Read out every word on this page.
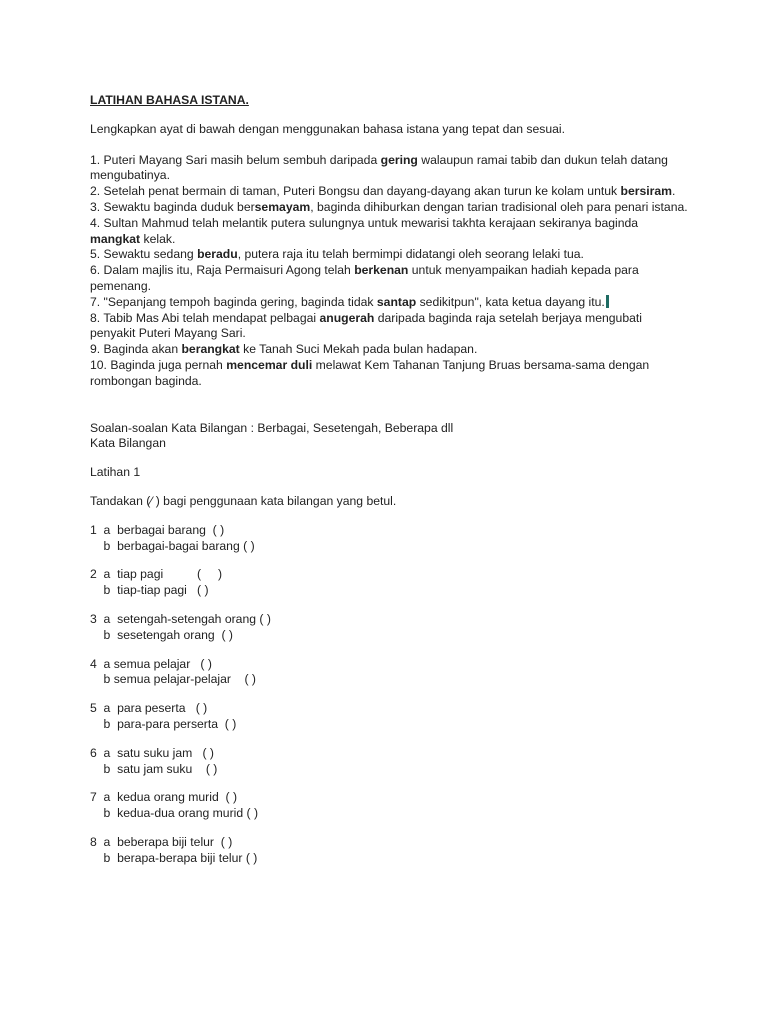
LATIHAN BAHASA ISTANA.

Lengkapkan ayat di bawah dengan menggunakan bahasa istana yang tepat dan sesuai.

1. Puteri Mayang Sari masih belum sembuh daripada gering walaupun ramai tabib dan dukun telah datang mengubatinya.
2. Setelah penat bermain di taman, Puteri Bongsu dan dayang-dayang akan turun ke kolam untuk bersiram.
3. Sewaktu baginda duduk bersemayam, baginda dihiburkan dengan tarian tradisional oleh para penari istana.
4. Sultan Mahmud telah melantik putera sulungnya untuk mewarisi takhta kerajaan sekiranya baginda mangkat kelak.
5. Sewaktu sedang beradu, putera raja itu telah bermimpi didatangi oleh seorang lelaki tua.
6. Dalam majlis itu, Raja Permaisuri Agong telah berkenan untuk menyampaikan hadiah kepada para pemenang.
7. "Sepanjang tempoh baginda gering, baginda tidak santap sedikitpun", kata ketua dayang itu.
8. Tabib Mas Abi telah mendapat pelbagai anugerah daripada baginda raja setelah berjaya mengubati penyakit Puteri Mayang Sari.
9. Baginda akan berangkat ke Tanah Suci Mekah pada bulan hadapan.
10. Baginda juga pernah mencemar duli melawat Kem Tahanan Tanjung Bruas bersama-sama dengan rombongan baginda.
Soalan-soalan Kata Bilangan : Berbagai, Sesetengah, Beberapa dll
Kata Bilangan
Latihan 1
Tandakan (⁄ ) bagi penggunaan kata bilangan yang betul.
1  a  berbagai barang  ( )
b  berbagai-bagai barang ( )
2  a  tiap pagi          (     )
b  tiap-tiap pagi   ( )
3  a  setengah-setengah orang ( )
b  sesetengah orang  ( )
4  a semua pelajar   ( )
b semua pelajar-pelajar    ( )
5  a  para peserta   ( )
b  para-para perserta  ( )
6  a  satu suku jam   ( )
b  satu jam suku    ( )
7  a  kedua orang murid  ( )
b  kedua-dua orang murid ( )
8  a  beberapa biji telur  ( )
b  berapa-berapa biji telur ( )
